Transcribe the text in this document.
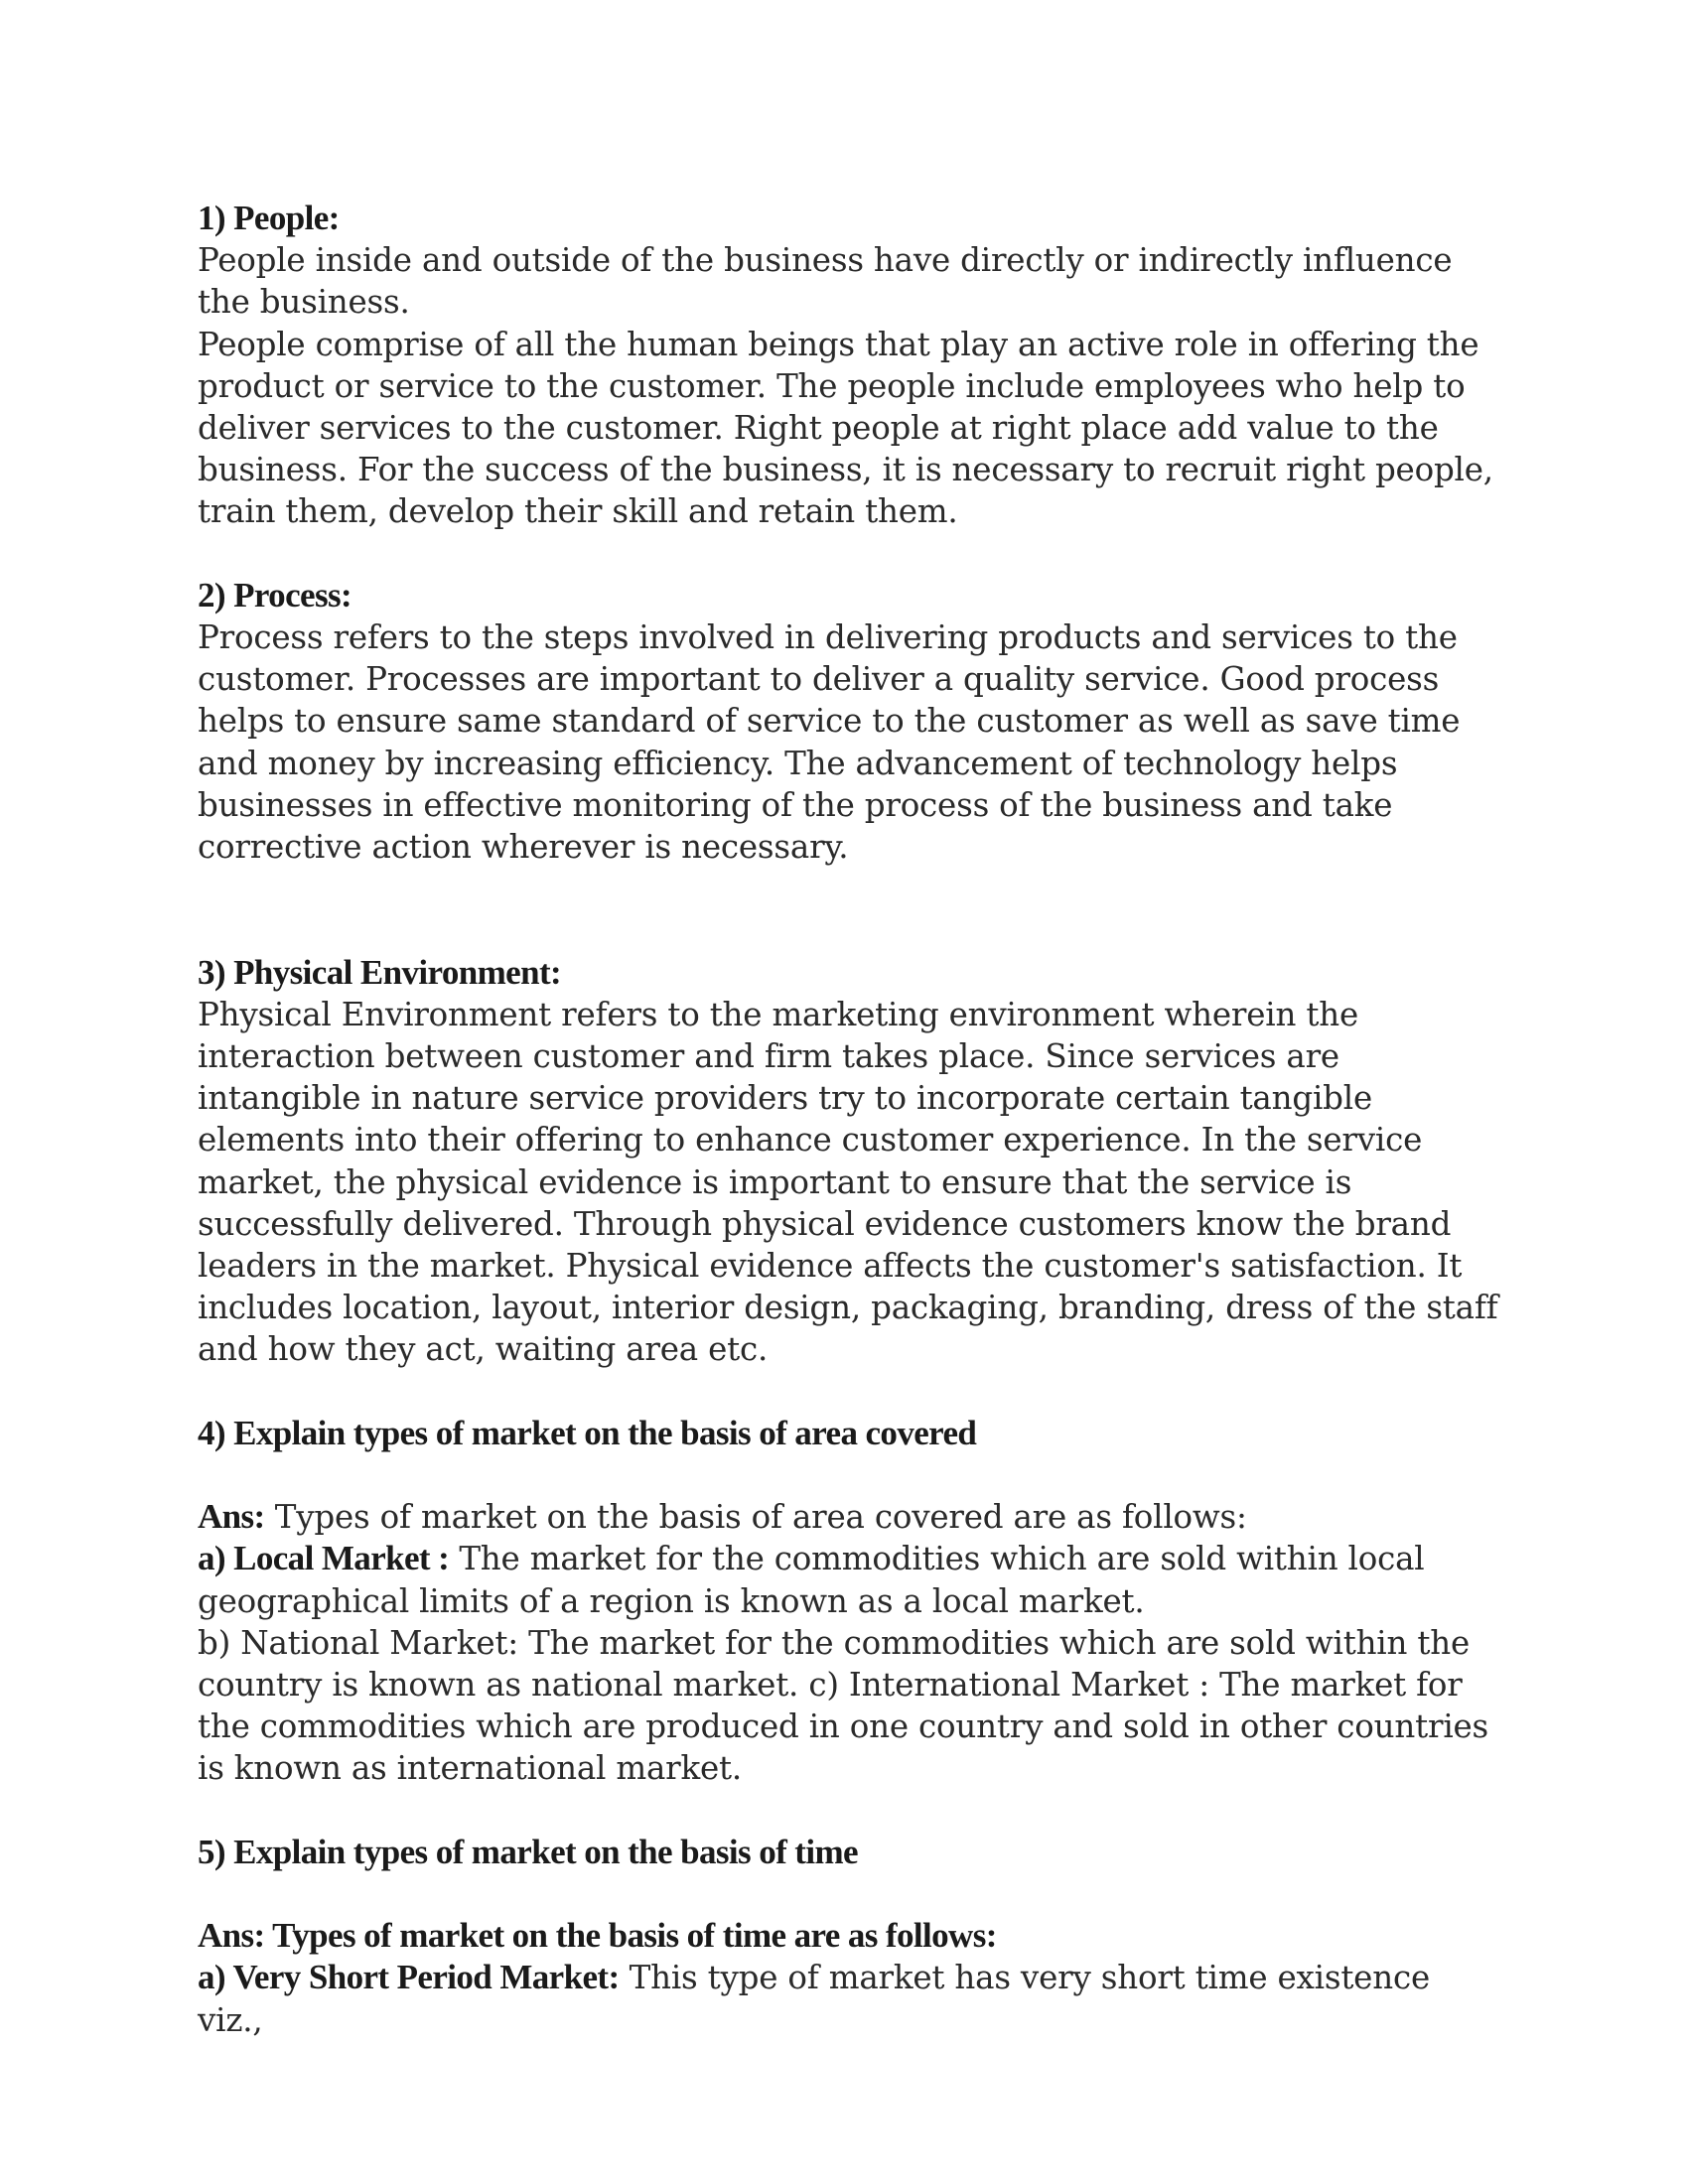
1) People:

People inside and outside of the business have directly or indirectly influence the business.

People comprise of all the human beings that play an active role in offering the product or service to the customer. The people include employees who help to deliver services to the customer. Right people at right place add value to the business. For the success of the business, it is necessary to recruit right people, train them, develop their skill and retain them.

2) Process:

Process refers to the steps involved in delivering products and services to the customer. Processes are important to deliver a quality service. Good process helps to ensure same standard of service to the customer as well as save time and money by increasing efficiency. The advancement of technology helps businesses in effective monitoring of the process of the business and take corrective action wherever is necessary.

3) Physical Environment:

Physical Environment refers to the marketing environment wherein the interaction between customer and firm takes place. Since services are intangible in nature service providers try to incorporate certain tangible elements into their offering to enhance customer experience. In the service market, the physical evidence is important to ensure that the service is successfully delivered. Through physical evidence customers know the brand leaders in the market. Physical evidence affects the customer's satisfaction. It includes location, layout, interior design, packaging, branding, dress of the staff and how they act, waiting area etc.

4) Explain types of market on the basis of area covered

Ans: Types of market on the basis of area covered are as follows:

a) Local Market : The market for the commodities which are sold within local geographical limits of a region is known as a local market.

b) National Market: The market for the commodities which are sold within the country is known as national market. c) International Market : The market for the commodities which are produced in one country and sold in other countries is known as international market.

5) Explain types of market on the basis of time

Ans: Types of market on the basis of time are as follows:

a) Very Short Period Market: This type of market has very short time existence viz.,
